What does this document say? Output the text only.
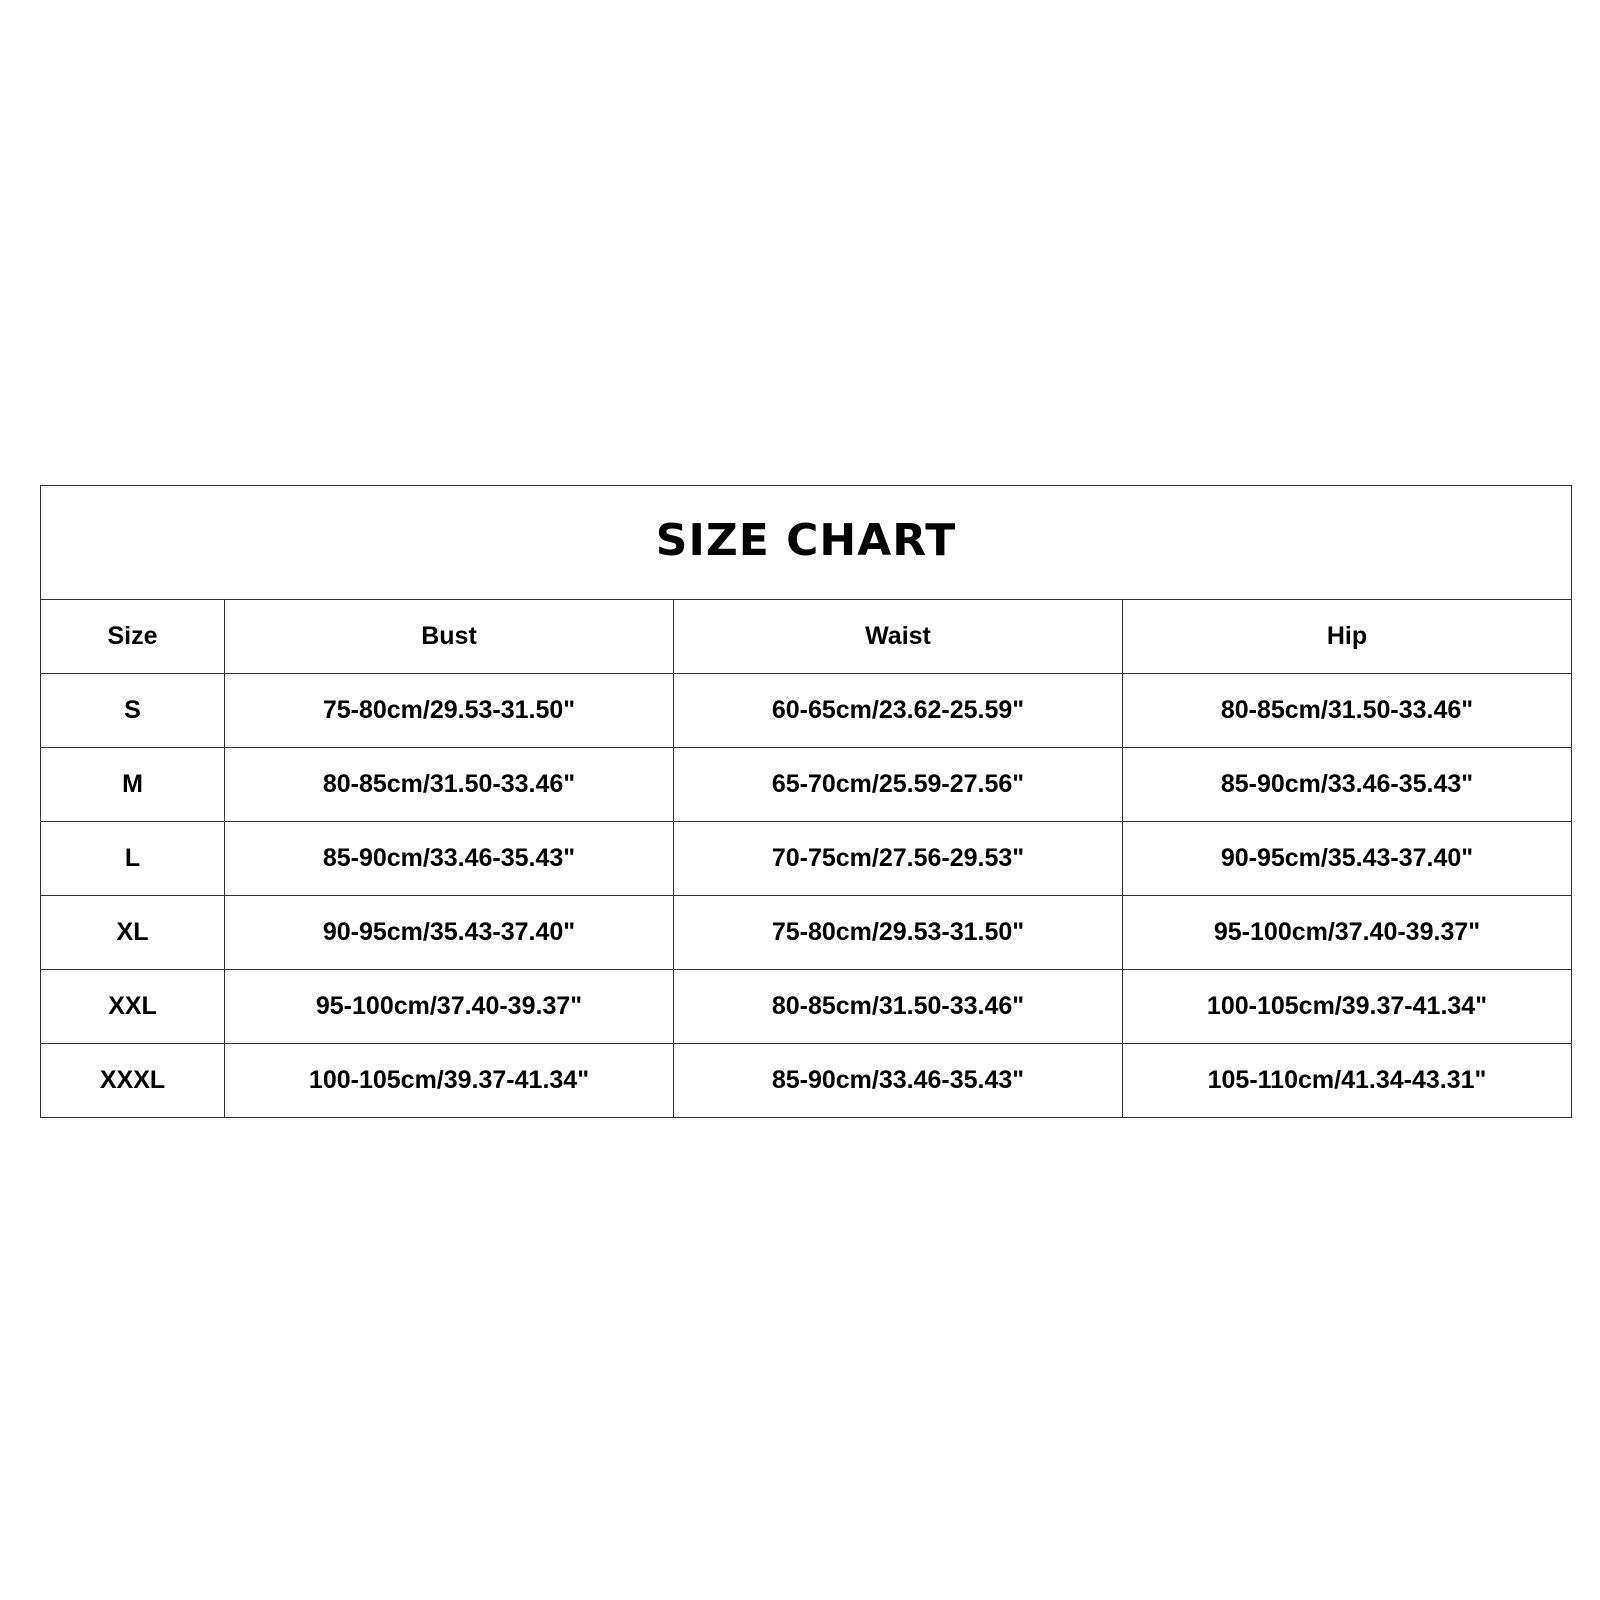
SIZE CHART			
Size	Bust	Waist	Hip
S	75-80cm/29.53-31.50"	60-65cm/23.62-25.59"	80-85cm/31.50-33.46"
M	80-85cm/31.50-33.46"	65-70cm/25.59-27.56"	85-90cm/33.46-35.43"
L	85-90cm/33.46-35.43"	70-75cm/27.56-29.53"	90-95cm/35.43-37.40"
XL	90-95cm/35.43-37.40"	75-80cm/29.53-31.50"	95-100cm/37.40-39.37"
XXL	95-100cm/37.40-39.37"	80-85cm/31.50-33.46"	100-105cm/39.37-41.34"
XXXL	100-105cm/39.37-41.34"	85-90cm/33.46-35.43"	105-110cm/41.34-43.31"
